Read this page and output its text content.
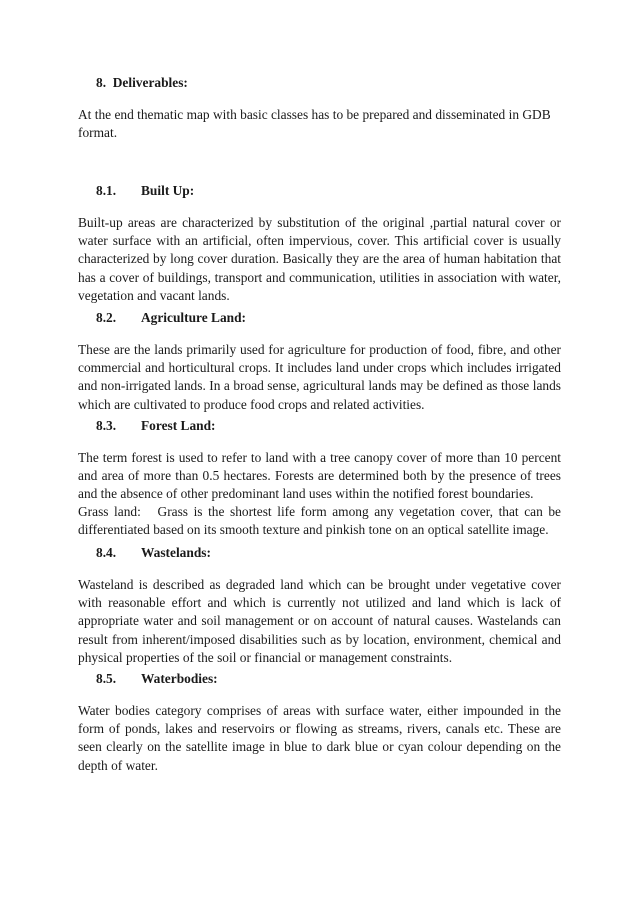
8. Deliverables:

At the end thematic map with basic classes has to be prepared and disseminated in GDB format.

8.1. Built Up:

Built-up areas are characterized by substitution of the original ,partial natural cover or water surface with an artificial, often impervious, cover. This artificial cover is usually characterized by long cover duration. Basically they are the area of human habitation that has a cover of buildings, transport and communication, utilities in association with water, vegetation and vacant lands.

8.2. Agriculture Land:

These are the lands primarily used for agriculture for production of food, fibre, and other commercial and horticultural crops. It includes land under crops which includes irrigated and non-irrigated lands. In a broad sense, agricultural lands may be defined as those lands which are cultivated to produce food crops and related activities.

8.3. Forest Land:

The term forest is used to refer to land with a tree canopy cover of more than 10 percent and area of more than 0.5 hectares. Forests are determined both by the presence of trees and the absence of other predominant land uses within the notified forest boundaries.

Grass land:   Grass is the shortest life form among any vegetation cover, that can be differentiated based on its smooth texture and pinkish tone on an optical satellite image.

8.4. Wastelands:

Wasteland is described as degraded land which can be brought under vegetative cover with reasonable effort and which is currently not utilized and land which is lack of appropriate water and soil management or on account of natural causes. Wastelands can result from inherent/imposed disabilities such as by location, environment, chemical and physical properties of the soil or financial or management constraints.

8.5. Waterbodies:

Water bodies category comprises of areas with surface water, either impounded in the form of ponds, lakes and reservoirs or flowing as streams, rivers, canals etc. These are seen clearly on the satellite image in blue to dark blue or cyan colour depending on the depth of water.
